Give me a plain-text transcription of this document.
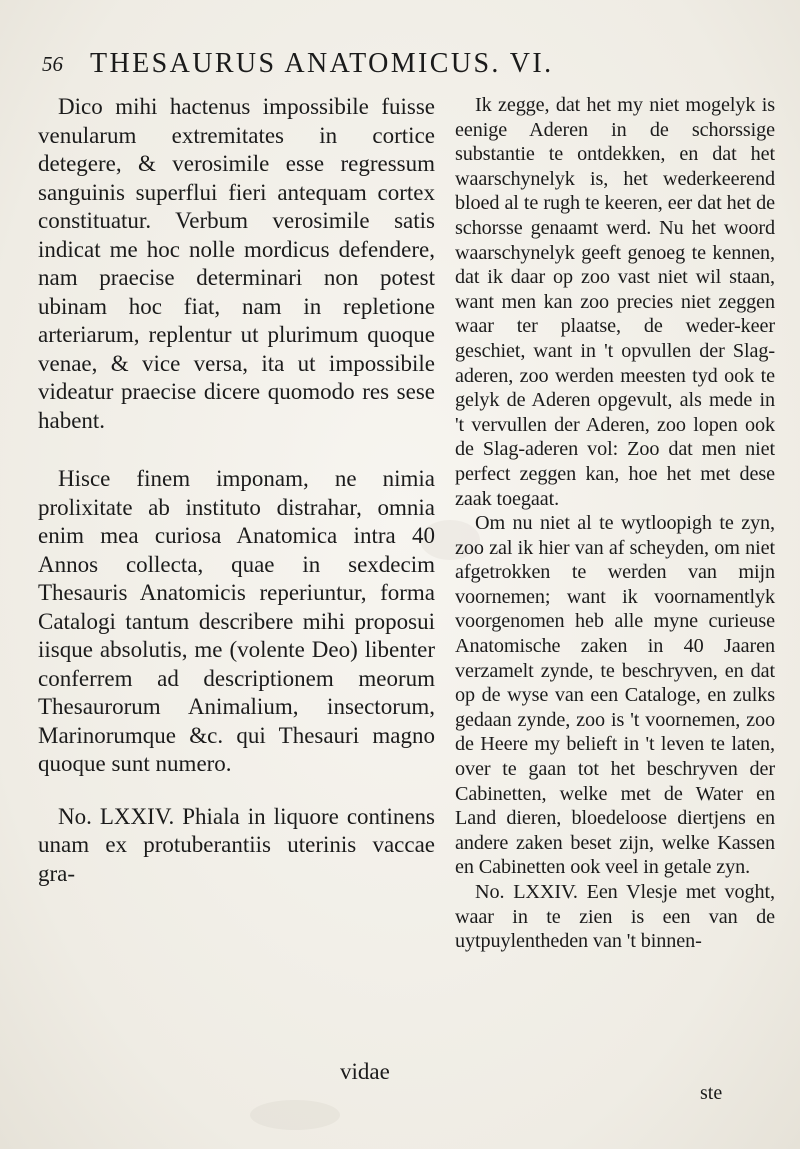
56 THESAURUS ANATOMICUS. VI.

Dico mihi hactenus impossibile fuisse venularum extremitates in cortice detegere, & verosimile esse regressum sanguinis superflui fieri antequam cortex constituatur. Verbum verosimile satis indicat me hoc nolle mordicus defendere, nam praecise determinari non potest ubinam hoc fiat, nam in repletione arteriarum, replentur ut plurimum quoque venae, & vice versa, ita ut impossibile videatur praecise dicere quomodo res sese habent.

Hisce finem imponam, ne nimia prolixitate ab instituto distrahar, omnia enim mea curiosa Anatomica intra 40 Annos collecta, quae in sexdecim Thesauris Anatomicis reperiuntur, forma Catalogi tantum describere mihi proposui iisque absolutis, me (volente Deo) libenter conferrem ad descriptionem meorum Thesaurorum Animalium, insectorum, Marinorumque &c. qui Thesauri magno quoque sunt numero.

No. LXXIV. Phiala in liquore continens unam ex protuberantiis uterinis vaccae gra-

Ik zegge, dat het my niet mogelyk is eenige Aderen in de schorssige substantie te ontdekken, en dat het waarschynelyk is, het wederkeerend bloed al te rugh te keeren, eer dat het de schorsse genaamt werd. Nu het woord waarschynelyk geeft genoeg te kennen, dat ik daar op zoo vast niet wil staan, want men kan zoo precies niet zeggen waar ter plaatse, de weder-keer geschiet, want in 't opvullen der Slag-aderen, zoo werden meesten tyd ook te gelyk de Aderen opgevult, als mede in 't vervullen der Aderen, zoo lopen ook de Slag-aderen vol: Zoo dat men niet perfect zeggen kan, hoe het met dese zaak toegaat.

Om nu niet al te wytloopigh te zyn, zoo zal ik hier van af scheyden, om niet afgetrokken te werden van mijn voornemen; want ik voornamentlyk voorgenomen heb alle myne curieuse Anatomische zaken in 40 Jaaren verzamelt zynde, te beschryven, en dat op de wyse van een Cataloge, en zulks gedaan zynde, zoo is 't voornemen, zoo de Heere my belieft in 't leven te laten, over te gaan tot het beschryven der Cabinetten, welke met de Water en Land dieren, bloedeloose diertjens en andere zaken beset zijn, welke Kassen en Cabinetten ook veel in getale zyn.

No. LXXIV. Een Vlesje met voght, waar in te zien is een van de uytpuylentheden van 't binnen-

vidae
ste
